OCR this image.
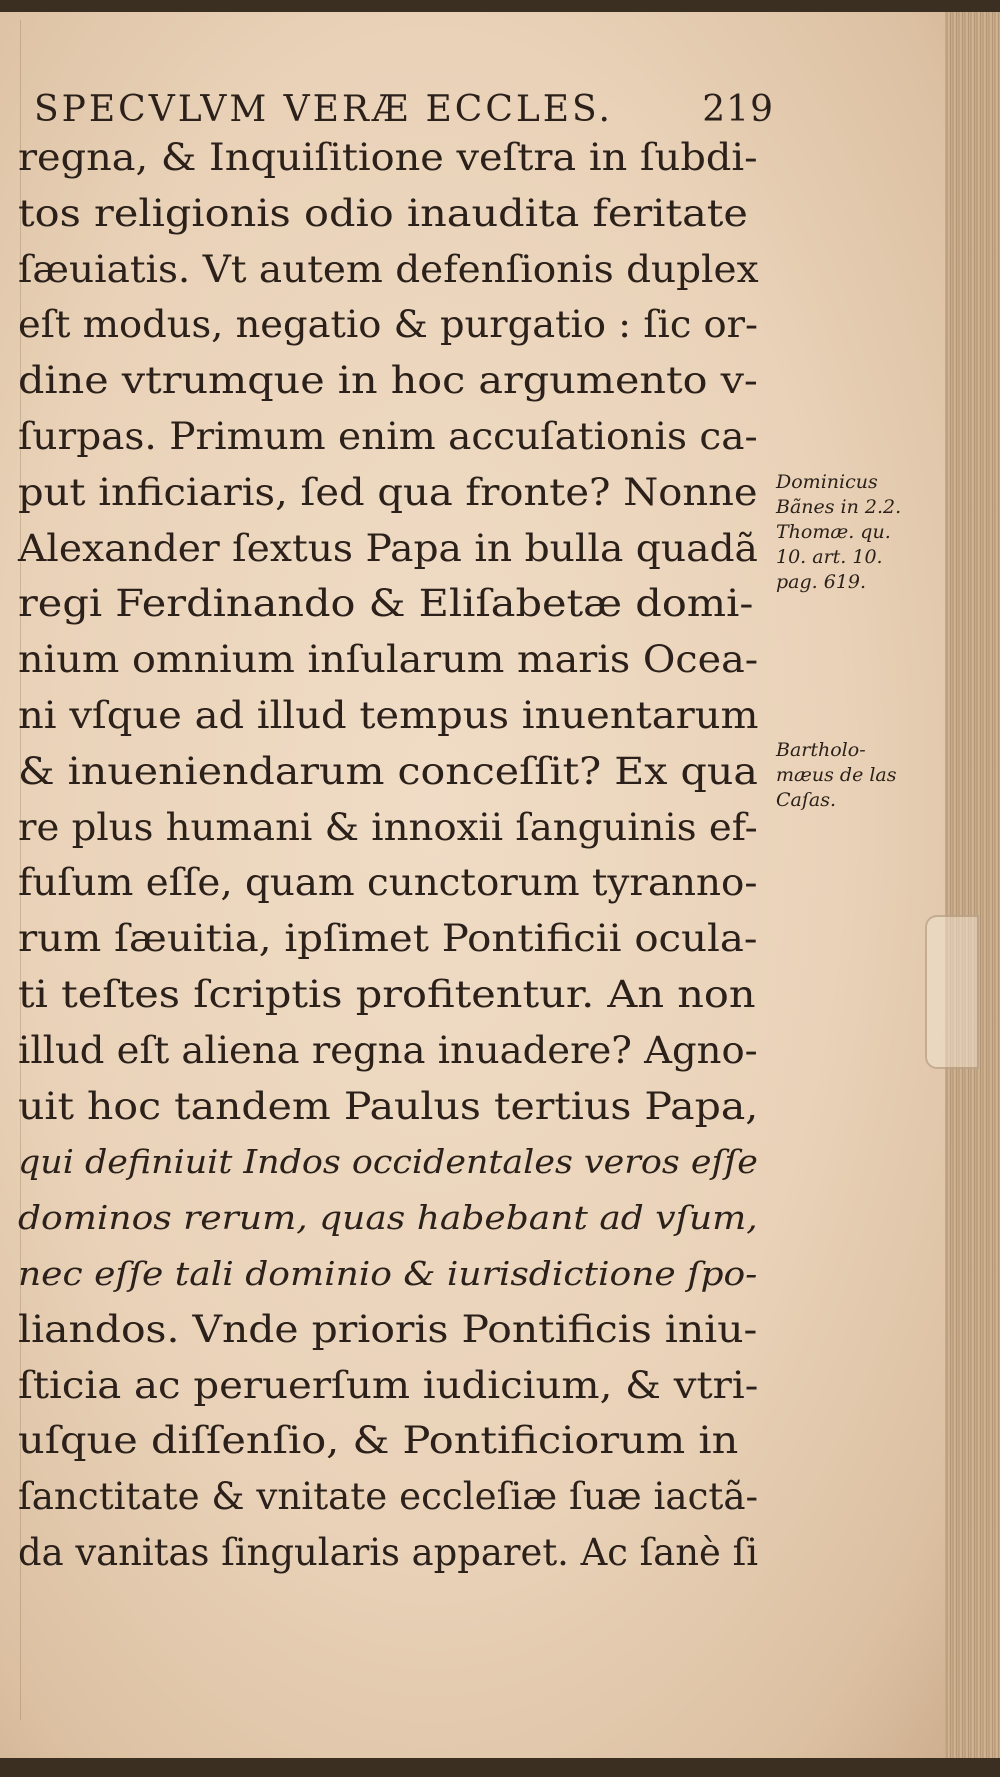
SPECVLVM VERÆ ECCLES.	219
regna, & Inquiſitione veſtra in ſubdi-
tos religionis odio inaudita feritate
ſæuiatis. Vt autem defenſionis duplex
eſt modus, negatio & purgatio : ſic or-
dine vtrumque in hoc argumento v-
ſurpas. Primum enim accuſationis ca-
put inficiaris, ſed qua fronte? Nonne
Alexander ſextus Papa in bulla quadã
regi Ferdinando & Eliſabetæ domi-
nium omnium inſularum maris Ocea-
ni vſque ad illud tempus inuentarum
& inueniendarum conceſſit? Ex qua
re plus humani & innoxii ſanguinis ef-
fuſum eſſe, quam cunctorum tyranno-
rum ſæuitia, ipſimet Pontificii ocula-
ti teſtes ſcriptis profitentur. An non
illud eſt aliena regna inuadere? Agno-
uit hoc tandem Paulus tertius Papa,
qui definiuit Indos occidentales veros eſſe
dominos rerum, quas habebant ad vſum,
nec eſſe tali dominio & iurisdictione ſpo-
liandos. Vnde prioris Pontificis iniu-
ſticia ac peruerſum iudicium, & vtri-
uſque diſſenſio, & Pontificiorum in
ſanctitate & vnitate eccleſiæ ſuæ iactã-
da vanitas ſingularis apparet. Ac ſanè ſi
Dominicus
Bãnes in 2.2.
Thomæ. qu.
10. art. 10.
pag. 619.
Bartholo-
mæus de las
Caſas.
